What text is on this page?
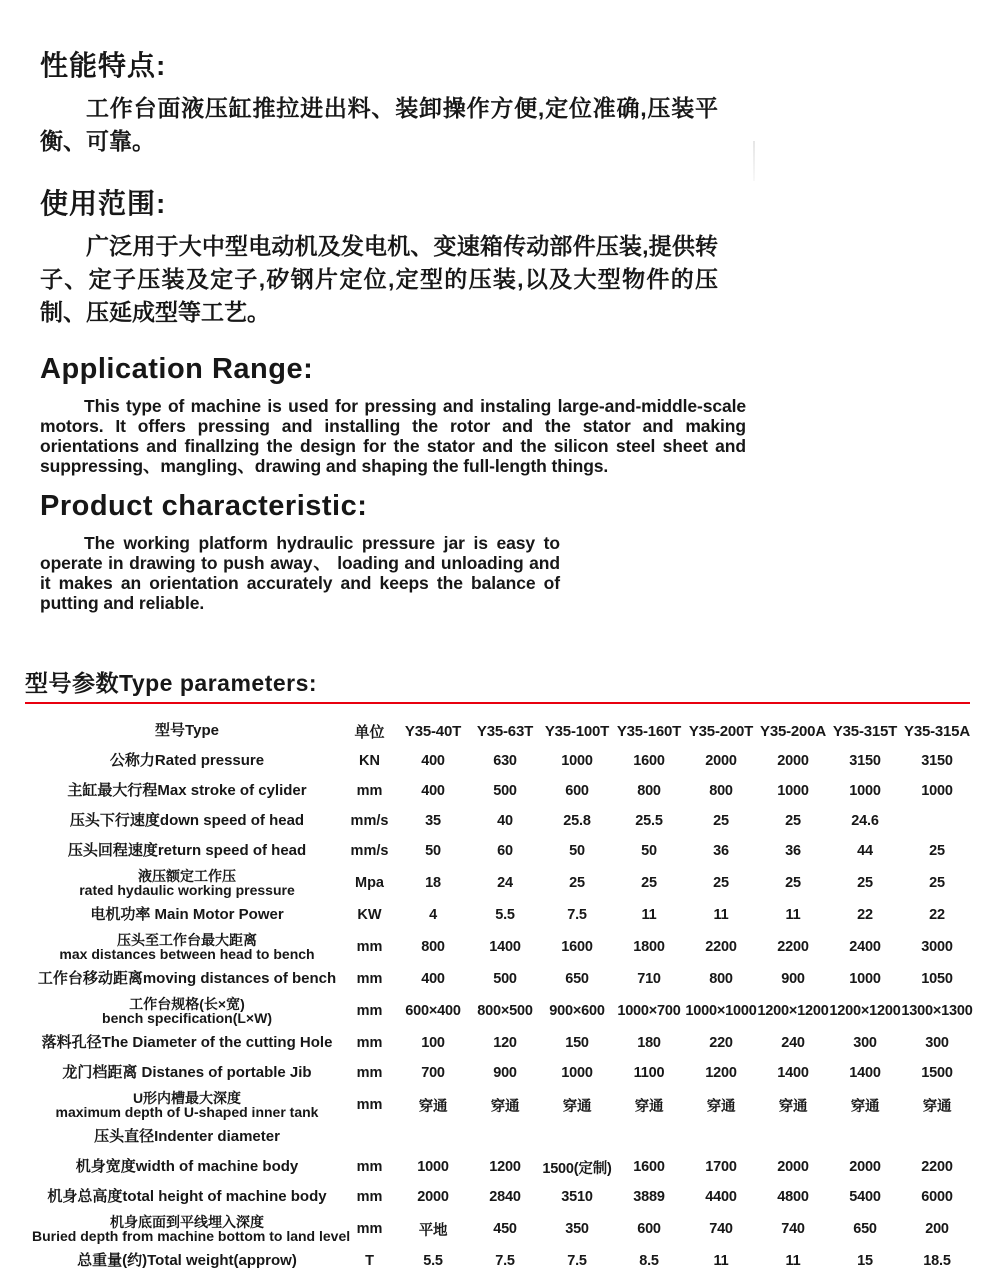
性能特点:

工作台面液压缸推拉进出料、装卸操作方便,定位准确,压装平衡、可靠。

使用范围:

广泛用于大中型电动机及发电机、变速箱传动部件压装,提供转子、定子压装及定子,矽钢片定位,定型的压装,以及大型物件的压制、压延成型等工艺。

Application Range:

This type of machine is used for pressing and instaling large-and-middle-scale motors. It offers pressing and installing the rotor and the stator and making orientations and finallzing the design for the stator and the silicon steel sheet and suppressing、mangling、drawing and shaping the full-length things.

Product characteristic:

The working platform hydraulic pressure jar is easy to operate in drawing to push away、 loading and unloading and it makes an orientation accurately and keeps the balance of putting and reliable.

型号参数Type parameters:
型号Type	单位	Y35-40T	Y35-63T Y35-100T Y35-160T Y35-200T Y35-200A Y35-315T Y35-315A
公称力Rated pressure	KN	400	630	1000	1600	2000	2000	3150	3150
主缸最大行程Max stroke of cylider	mm	400	500	600	800	800	1000	1000	1000
压头下行速度down speed of head	mm/s	35	40	25.8	25.5	25	25	24.6
压头回程速度return speed of head	mm/s	50	60	50	50	36	36	44	25
液压额定工作压
rated hydaulic working pressure	Mpa	18	24	25	25	25	25	25	25
电机功率 Main Motor Power	KW	4	5.5	7.5	11	11	11	22	22
压头至工作台最大距离
max distances between head to bench	mm	800	1400	1600	1800	2200	2200	2400	3000
工作台移动距离moving distances of bench	mm	400	500	650	710	800	900	1000	1050
工作台规格(长×宽)
bench specification(L×W)	mm	600×400	800×500	900×600 1000×700 1000×1000 1200×1200 1200×1200 1300×1300
落料孔径The Diameter of the cutting Hole	mm	100	120	150	180	220	240	300	300
龙门档距离 Distanes of portable Jib	mm	700	900	1000	1100	1200	1400	1400	1500
U形内槽最大深度
maximum depth of U-shaped inner tank	mm	穿通	穿通	穿通	穿通	穿通	穿通	穿通	穿通
压头直径Indenter diameter
机身宽度width of machine body	mm	1000	1200	1500(定制)	1600	1700	2000	2000	2200
机身总高度total height of machine body	mm	2000	2840	3510	3889	4400	4800	5400	6000
机身底面到平线埋入深度
Buried depth from machine bottom to land level mm	平地	450	350	600	740	740	650	200
总重量(约)Total weight(approw)	T	5.5	7.5	7.5	8.5	11	11	15	18.5
